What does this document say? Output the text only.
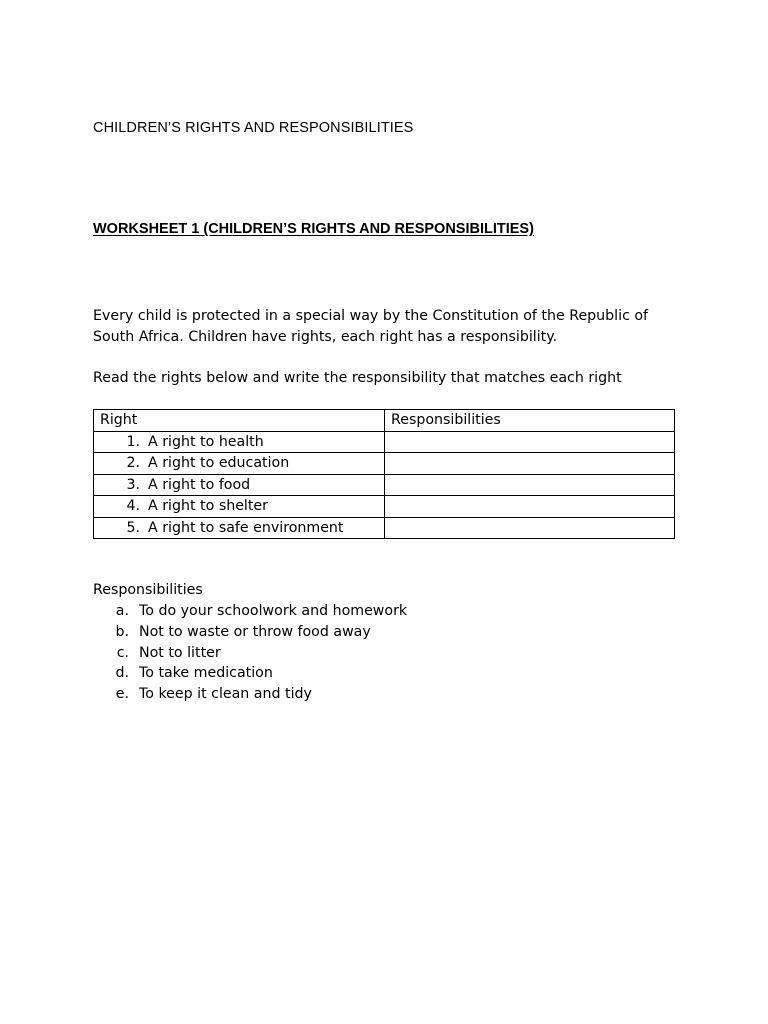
CHILDREN’S RIGHTS AND RESPONSIBILITIES
WORKSHEET 1 (CHILDREN’S RIGHTS AND RESPONSIBILITIES)
Every child is protected in a special way by the Constitution of the Republic of
South Africa. Children have rights, each right has a responsibility.
Read the rights below and write the responsibility that matches each right
Right	Responsibilities
1. A right to health	
2. A right to education	
3. A right to food	
4. A right to shelter	
5. A right to safe environment	
Responsibilities
a. To do your schoolwork and homework
b. Not to waste or throw food away
c. Not to litter
d. To take medication
e. To keep it clean and tidy
